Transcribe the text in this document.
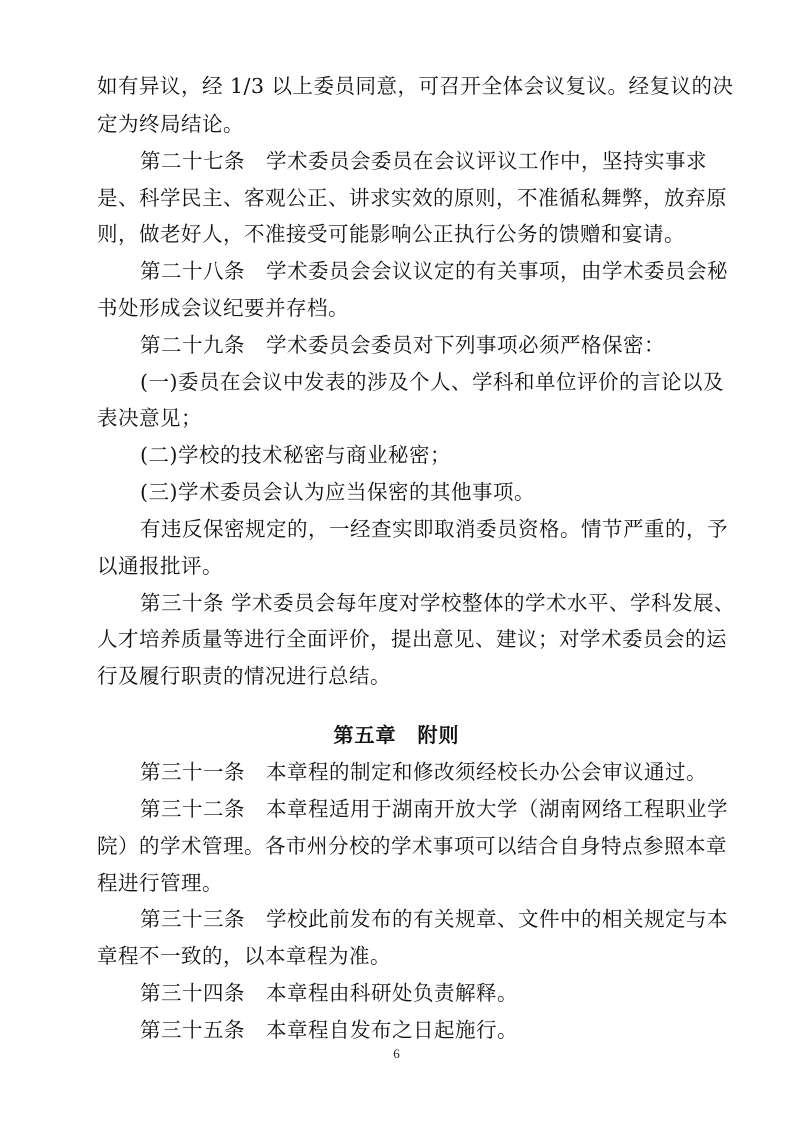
如有异议，经 1/3 以上委员同意，可召开全体会议复议。经复议的决
定为终局结论。
第二十七条　学术委员会委员在会议评议工作中，坚持实事求
是、科学民主、客观公正、讲求实效的原则，不准循私舞弊，放弃原
则，做老好人，不准接受可能影响公正执行公务的馈赠和宴请。
第二十八条　学术委员会会议议定的有关事项，由学术委员会秘
书处形成会议纪要并存档。
第二十九条　学术委员会委员对下列事项必须严格保密：
(一)委员在会议中发表的涉及个人、学科和单位评价的言论以及
表决意见；
(二)学校的技术秘密与商业秘密；
(三)学术委员会认为应当保密的其他事项。
有违反保密规定的，一经查实即取消委员资格。情节严重的，予
以通报批评。
第三十条 学术委员会每年度对学校整体的学术水平、学科发展、
人才培养质量等进行全面评价，提出意见、建议；对学术委员会的运
行及履行职责的情况进行总结。
第五章　附则
第三十一条　本章程的制定和修改须经校长办公会审议通过。
第三十二条　本章程适用于湖南开放大学（湖南网络工程职业学
院）的学术管理。各市州分校的学术事项可以结合自身特点参照本章
程进行管理。
第三十三条　学校此前发布的有关规章、文件中的相关规定与本
章程不一致的，以本章程为准。
第三十四条　本章程由科研处负责解释。
第三十五条　本章程自发布之日起施行。
6
